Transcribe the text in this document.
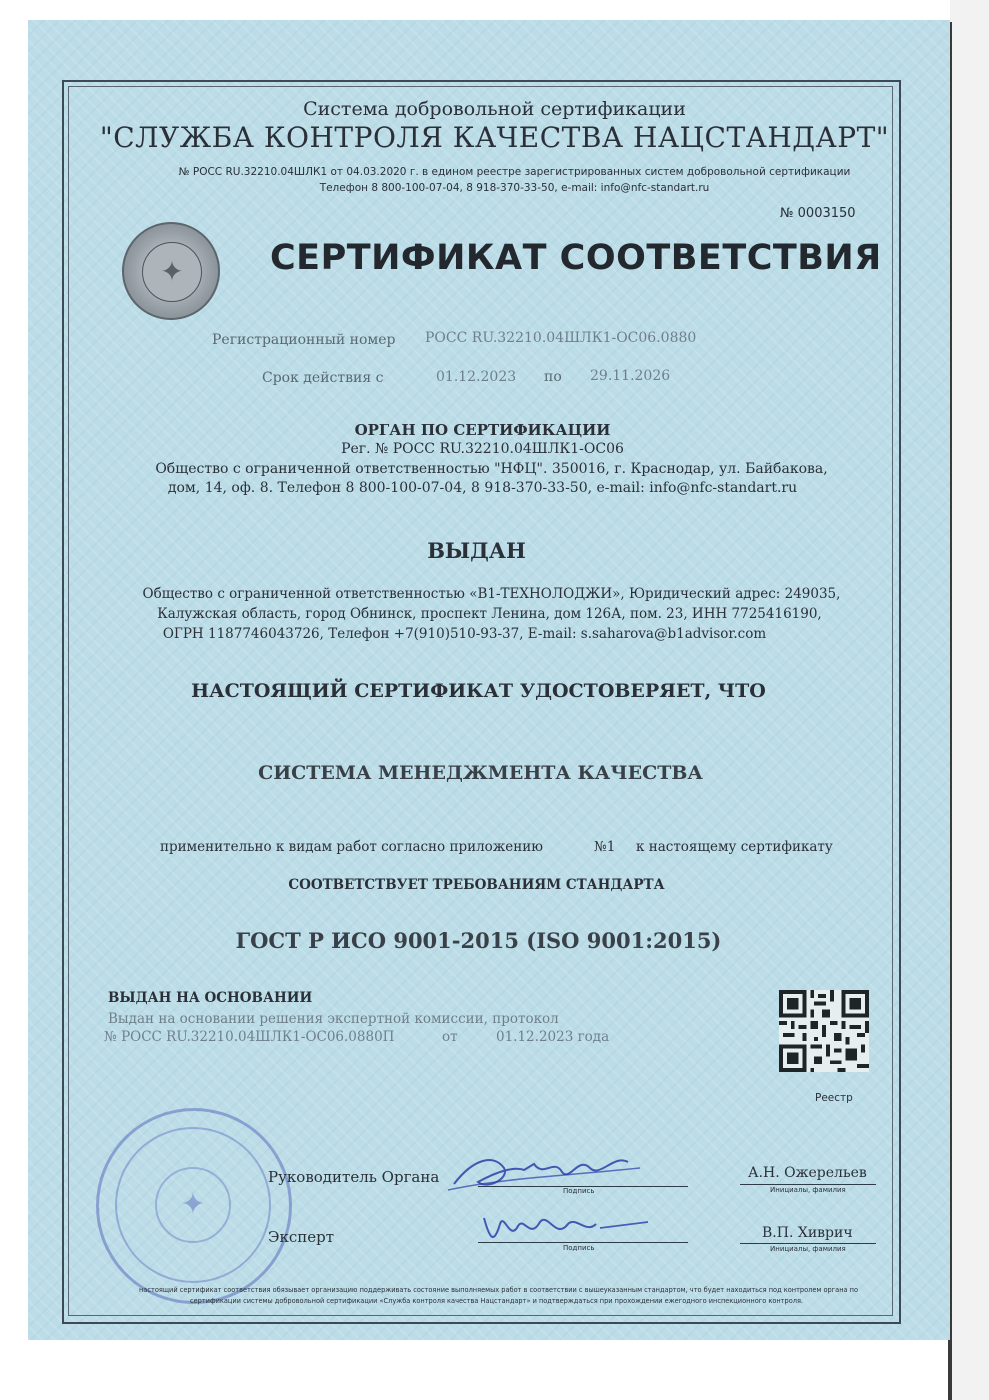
Система добровольной сертификации
"СЛУЖБА КОНТРОЛЯ КАЧЕСТВА НАЦСТАНДАРТ"
№ РОСС RU.32210.04ШЛК1 от 04.03.2020 г. в едином реестре зарегистрированных систем добровольной сертификации
Телефон 8 800-100-07-04, 8 918-370-33-50, e-mail: info@nfc-standart.ru
№ 0003150
✦	СЕРТИФИКАТ СООТВЕТСТВИЯ
Регистрационный номер РОСС RU.32210.04ШЛК1-ОС06.0880
Срок действия с	01.12.2023 по 29.11.2026
ОРГАН ПО СЕРТИФИКАЦИИ
Рег. № РОСС RU.32210.04ШЛК1-ОС06
Общество с ограниченной ответственностью "НФЦ". 350016, г. Краснодар, ул. Байбакова,
дом, 14, оф. 8. Телефон 8 800-100-07-04, 8 918-370-33-50, e-mail: info@nfc-standart.ru
ВЫДАН
Общество с ограниченной ответственностью «В1-ТЕХНОЛОДЖИ», Юридический адрес: 249035,
Калужская область, город Обнинск, проспект Ленина, дом 126А, пом. 23, ИНН 7725416190,
ОГРН 1187746043726, Телефон +7(910)510-93-37, E-mail: s.saharova@b1advisor.com
НАСТОЯЩИЙ СЕРТИФИКАТ УДОСТОВЕРЯЕТ, ЧТО
СИСТЕМА МЕНЕДЖМЕНТА КАЧЕСТВА
применительно к видам работ согласно приложению	№1 к настоящему сертификату
СООТВЕТСТВУЕТ ТРЕБОВАНИЯМ СТАНДАРТА
ГОСТ Р ИСО 9001-2015 (ISO 9001:2015)
ВЫДАН НА ОСНОВАНИИ
Выдан на основании решения экспертной комиссии, протокол
№ РОСС RU.32210.04ШЛК1-ОС06.0880П	от	01.12.2023 года
Реестр
✦
Руководитель Органа
Подпись
А.Н. Ожерельев
Инициалы, фамилия
Эксперт
Подпись
В.П. Хиврич
Инициалы, фамилия
настоящий сертификат соответствия обязывает организацию поддерживать состояние выполняемых работ в соответствии с вышеуказанным стандартом, что будет находиться под контролем органа по
сертификации системы добровольной сертификации «Служба контроля качества Нацстандарт» и подтверждаться при прохождении ежегодного инспекционного контроля.
